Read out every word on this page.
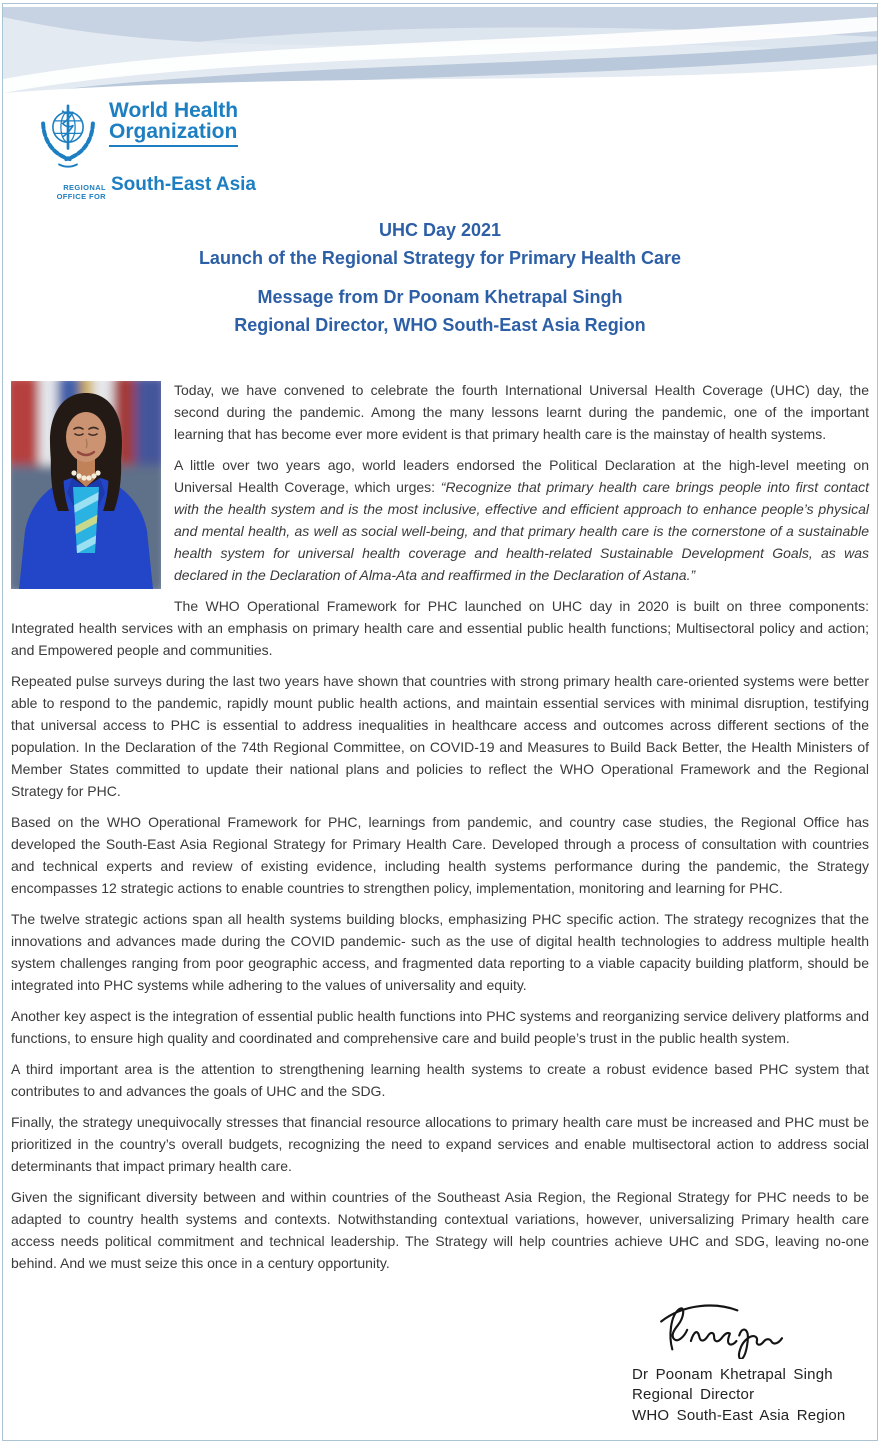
World Health
Organization
REGIONAL OFFICE FOR
South-East Asia
UHC Day 2021
Launch of the Regional Strategy for Primary Health Care
Message from Dr Poonam Khetrapal Singh
Regional Director, WHO South-East Asia Region

Today, we have convened to celebrate the fourth International Universal Health Coverage (UHC) day, the second during the pandemic. Among the many lessons learnt during the pandemic, one of the important learning that has become ever more evident is that primary health care is the mainstay of health systems.

A little over two years ago, world leaders endorsed the Political Declaration at the high-level meeting on Universal Health Coverage, which urges: “Recognize that primary health care brings people into first contact with the health system and is the most inclusive, effective and efficient approach to enhance people’s physical and mental health, as well as social well-being, and that primary health care is the cornerstone of a sustainable health system for universal health coverage and health-related Sustainable Development Goals, as was declared in the Declaration of Alma-Ata and reaffirmed in the Declaration of Astana.”

The WHO Operational Framework for PHC launched on UHC day in 2020 is built on three components: Integrated health services with an emphasis on primary health care and essential public health functions; Multisectoral policy and action; and Empowered people and communities.

Repeated pulse surveys during the last two years have shown that countries with strong primary health care-oriented systems were better able to respond to the pandemic, rapidly mount public health actions, and maintain essential services with minimal disruption, testifying that universal access to PHC is essential to address inequalities in healthcare access and outcomes across different sections of the population. In the Declaration of the 74th Regional Committee, on COVID-19 and Measures to Build Back Better, the Health Ministers of Member States committed to update their national plans and policies to reflect the WHO Operational Framework and the Regional Strategy for PHC.

Based on the WHO Operational Framework for PHC, learnings from pandemic, and country case studies, the Regional Office has developed the South-East Asia Regional Strategy for Primary Health Care. Developed through a process of consultation with countries and technical experts and review of existing evidence, including health systems performance during the pandemic, the Strategy encompasses 12 strategic actions to enable countries to strengthen policy, implementation, monitoring and learning for PHC.

The twelve strategic actions span all health systems building blocks, emphasizing PHC specific action. The strategy recognizes that the innovations and advances made during the COVID pandemic- such as the use of digital health technologies to address multiple health system challenges ranging from poor geographic access, and fragmented data reporting to a viable capacity building platform, should be integrated into PHC systems while adhering to the values of universality and equity.

Another key aspect is the integration of essential public health functions into PHC systems and reorganizing service delivery platforms and functions, to ensure high quality and coordinated and comprehensive care and build people’s trust in the public health system.

A third important area is the attention to strengthening learning health systems to create a robust evidence based PHC system that contributes to and advances the goals of UHC and the SDG.

Finally, the strategy unequivocally stresses that financial resource allocations to primary health care must be increased and PHC must be prioritized in the country’s overall budgets, recognizing the need to expand services and enable multisectoral action to address social determinants that impact primary health care.

Given the significant diversity between and within countries of the Southeast Asia Region, the Regional Strategy for PHC needs to be adapted to country health systems and contexts. Notwithstanding contextual variations, however, universalizing Primary health care access needs political commitment and technical leadership. The Strategy will help countries achieve UHC and SDG, leaving no-one behind. And we must seize this once in a century opportunity.

Dr Poonam Khetrapal Singh
Regional Director
WHO South-East Asia Region
